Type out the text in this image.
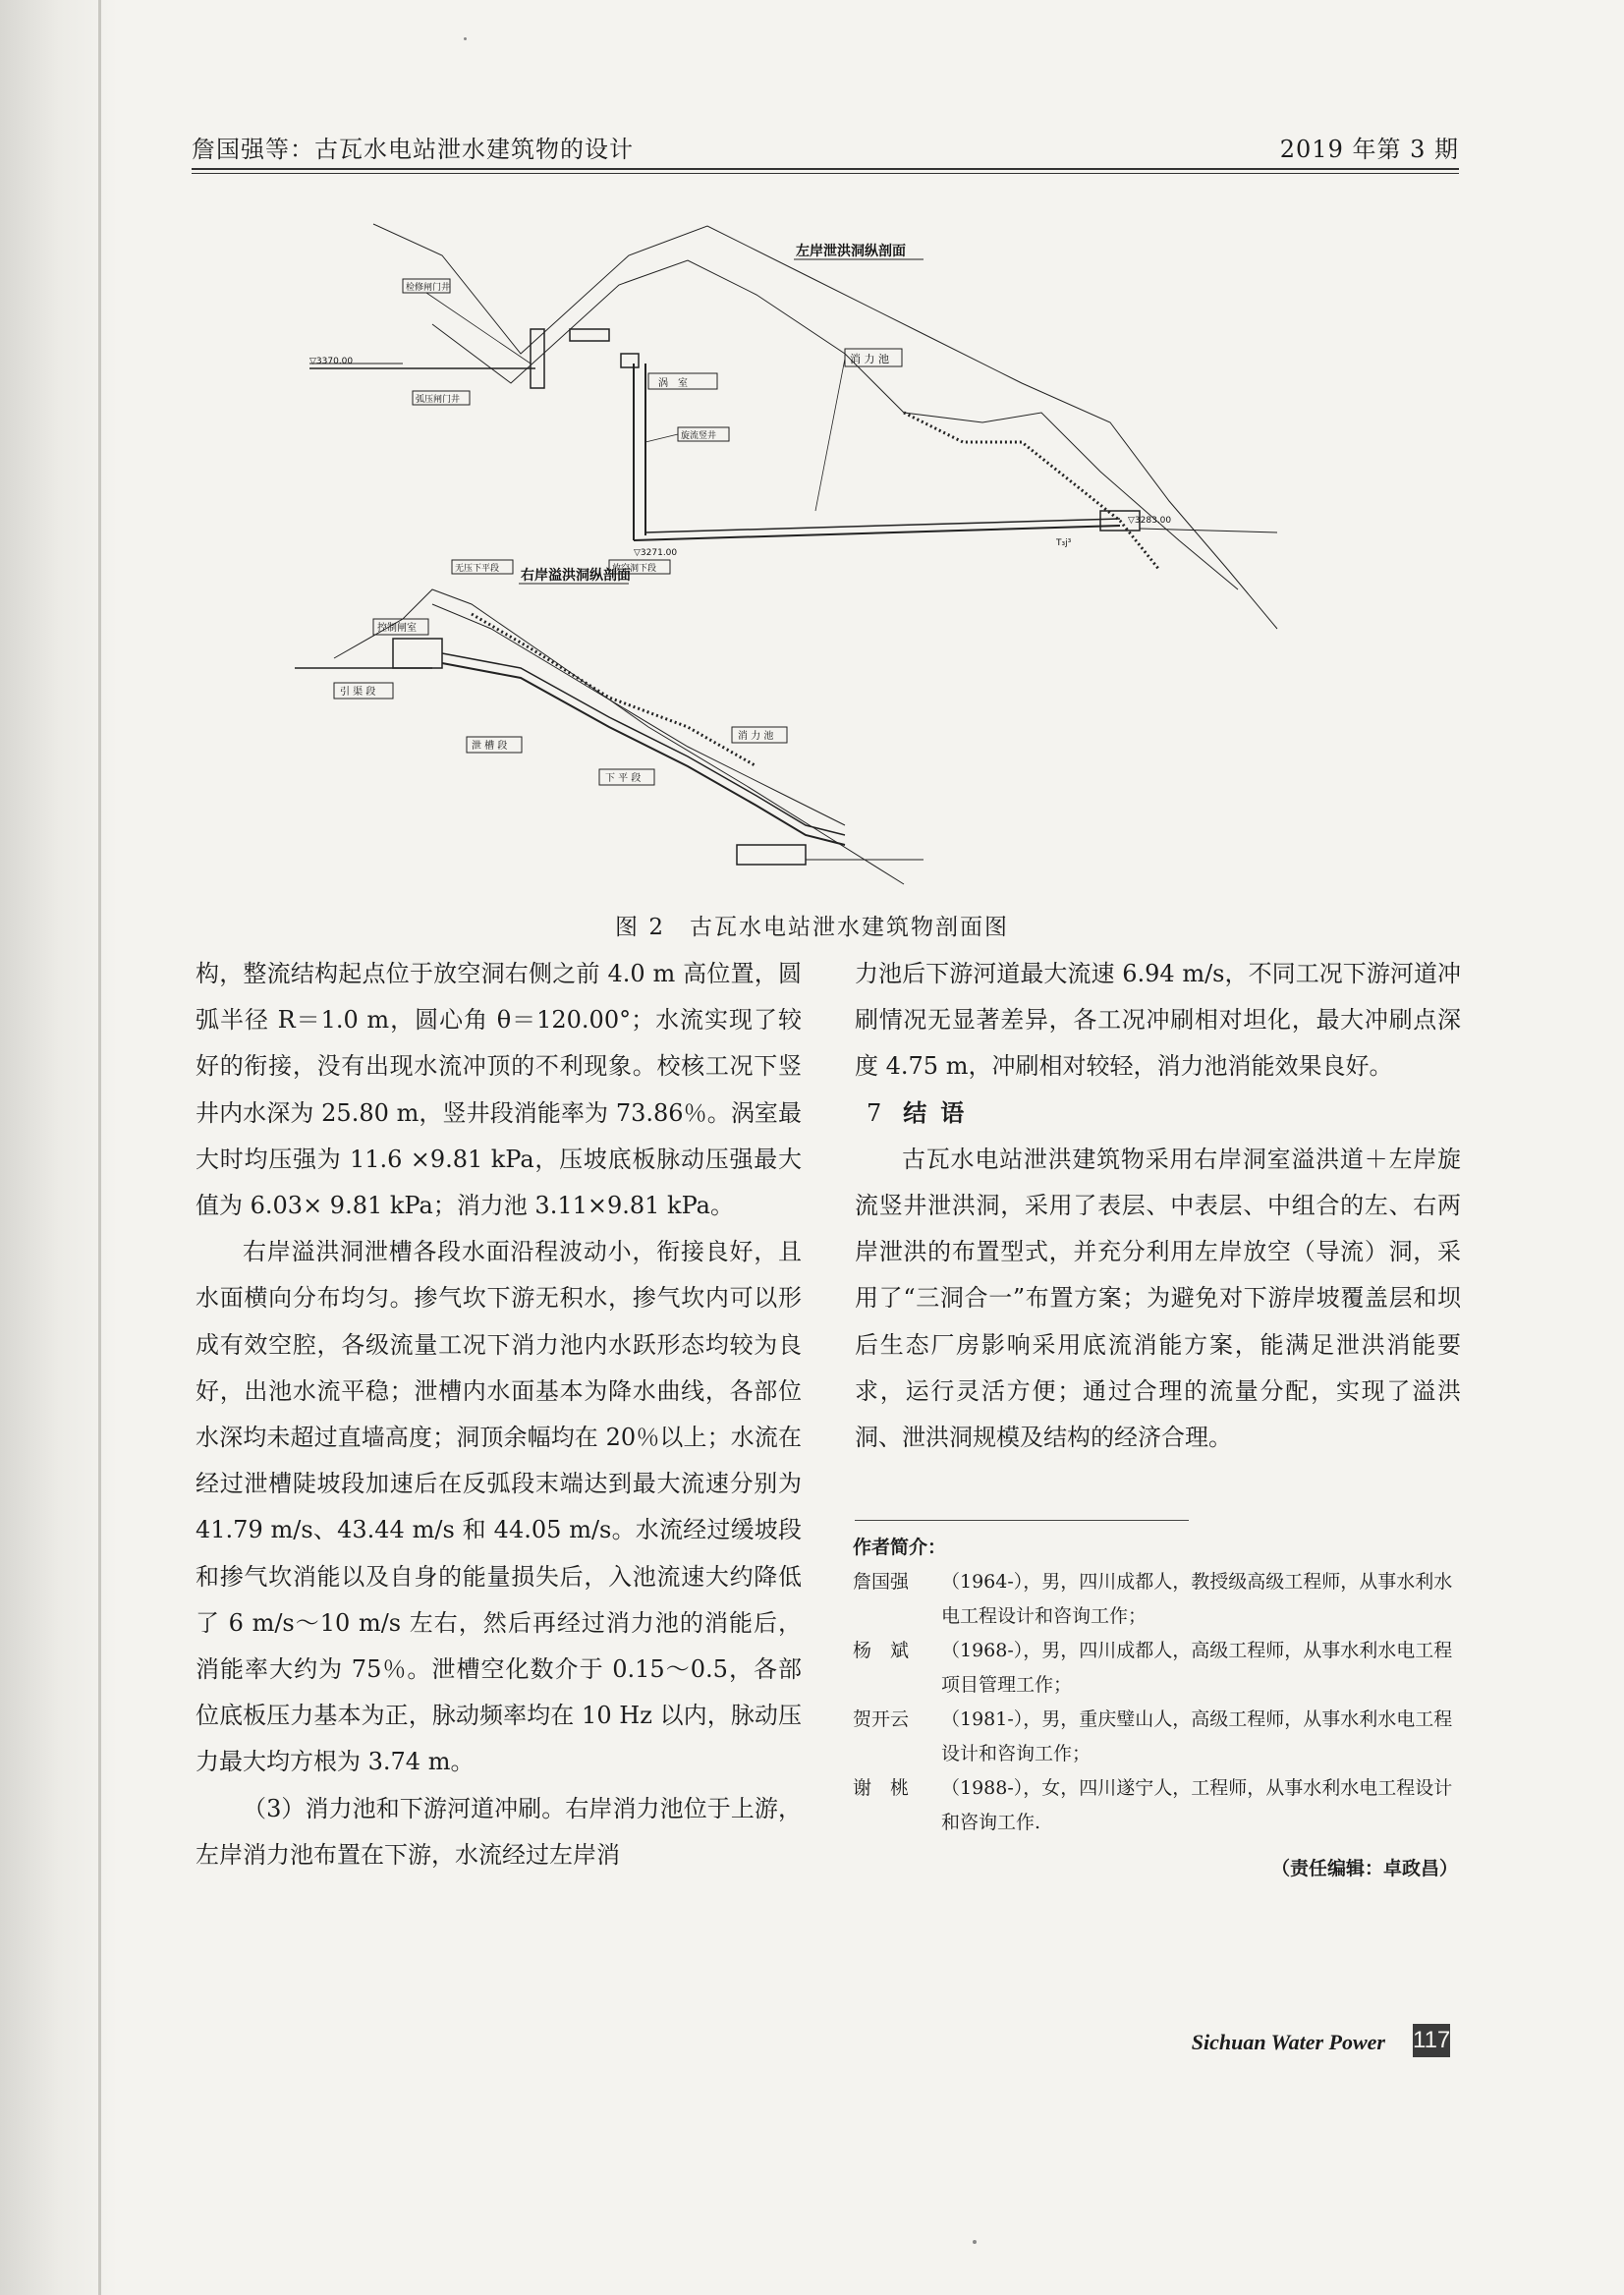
詹国强等：古瓦水电站泄水建筑物的设计	2019 年第 3 期
左岸泄洪洞纵剖面
检修闸门井
涡　室
弧压闸门井
旋流竖井
无压下平段	放空洞下段
消 力 池
▽3370.00
▽3271.00
▽3283.00
T₃j³
右岸溢洪洞纵剖面
控制闸室
引 渠 段
泄 槽 段
消 力 池
下 平 段
图 2　古瓦水电站泄水建筑物剖面图

构，整流结构起点位于放空洞右侧之前 4.0 m 高位置，圆弧半径 R＝1.0 m，圆心角 θ＝120.00°；水流实现了较好的衔接，没有出现水流冲顶的不利现象。校核工况下竖井内水深为 25.80 m，竖井段消能率为 73.86％。涡室最大时均压强为 11.6 ×9.81 kPa，压坡底板脉动压强最大值为 6.03× 9.81 kPa；消力池 3.11×9.81 kPa。

右岸溢洪洞泄槽各段水面沿程波动小，衔接良好，且水面横向分布均匀。掺气坎下游无积水，掺气坎内可以形成有效空腔，各级流量工况下消力池内水跃形态均较为良好，出池水流平稳；泄槽内水面基本为降水曲线，各部位水深均未超过直墙高度；洞顶余幅均在 20％以上；水流在经过泄槽陡坡段加速后在反弧段末端达到最大流速分别为 41.79 m/s、43.44 m/s 和 44.05 m/s。水流经过缓坡段和掺气坎消能以及自身的能量损失后，入池流速大约降低了 6 m/s～10 m/s 左右，然后再经过消力池的消能后，消能率大约为 75％。泄槽空化数介于 0.15～0.5，各部位底板压力基本为正，脉动频率均在 10 Hz 以内，脉动压力最大均方根为 3.74 m。

（3）消力池和下游河道冲刷。右岸消力池位于上游，左岸消力池布置在下游，水流经过左岸消

力池后下游河道最大流速 6.94 m/s，不同工况下游河道冲刷情况无显著差异，各工况冲刷相对坦化，最大冲刷点深度 4.75 m，冲刷相对较轻，消力池消能效果良好。

7 结语

古瓦水电站泄洪建筑物采用右岸洞室溢洪道＋左岸旋流竖井泄洪洞，采用了表层、中表层、中组合的左、右两岸泄洪的布置型式，并充分利用左岸放空（导流）洞，采用了“三洞合一”布置方案；为避免对下游岸坡覆盖层和坝后生态厂房影响采用底流消能方案，能满足泄洪消能要求，运行灵活方便；通过合理的流量分配，实现了溢洪洞、泄洪洞规模及结构的经济合理。

作者简介：
詹国强 （1964-），男，四川成都人，教授级高级工程师，从事水利水电工程设计和咨询工作；
杨　斌 （1968-），男，四川成都人，高级工程师，从事水利水电工程项目管理工作；
贺开云 （1981-），男，重庆璧山人，高级工程师，从事水利水电工程设计和咨询工作；
谢　桃 （1988-），女，四川遂宁人，工程师，从事水利水电工程设计和咨询工作.
（责任编辑：卓政昌）
Sichuan Water Power 117
